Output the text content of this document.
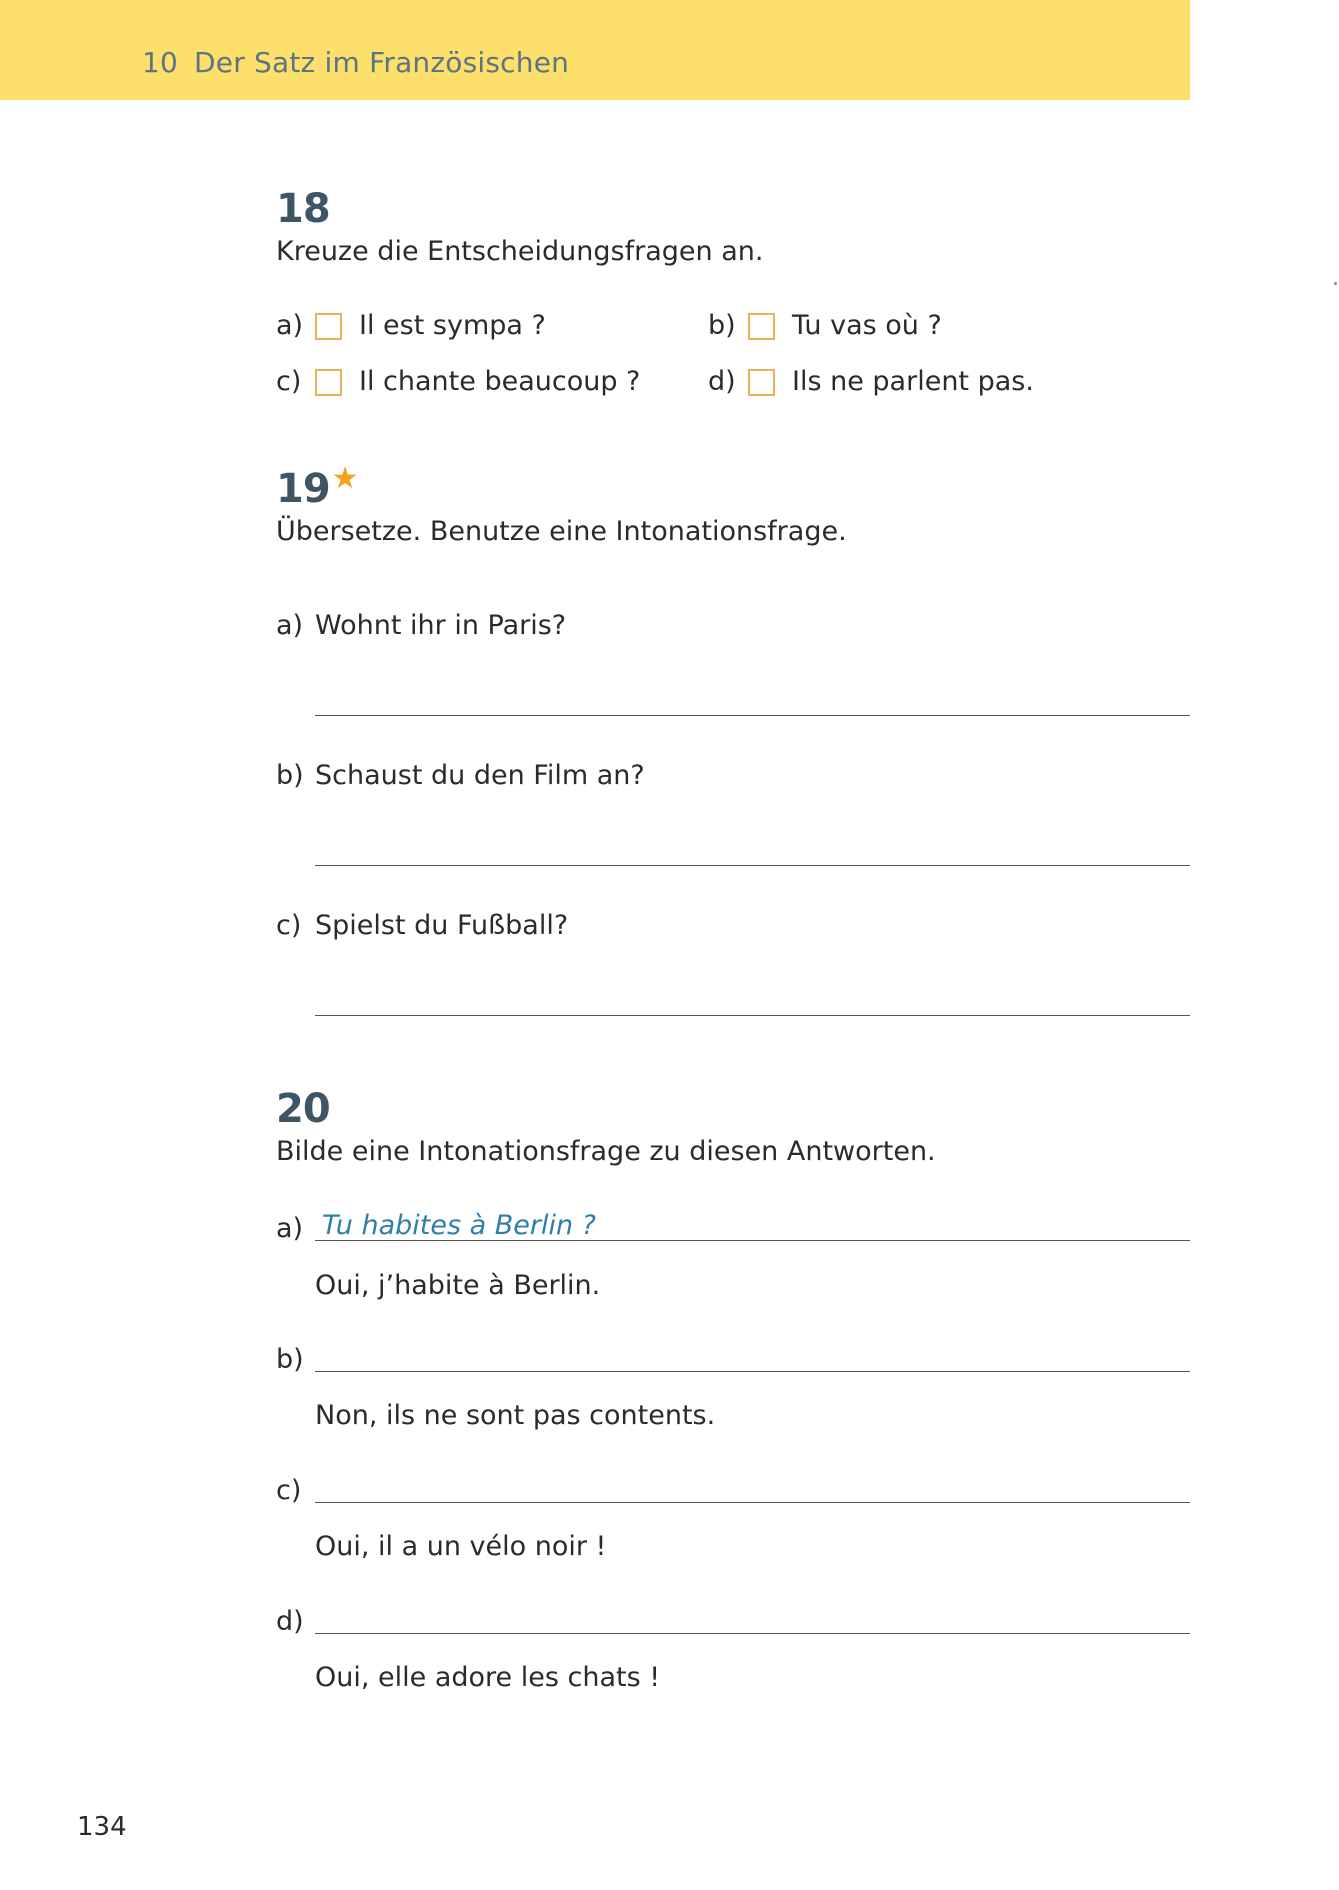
10 Der Satz im Französischen
18
Kreuze die Entscheidungsfragen an.
a)	Il est sympa ?	b)	Tu vas où ?
c)	Il chante beaucoup ?	d)	Ils ne parlent pas.
19★
Übersetze. Benutze eine Intonationsfrage.
a) Wohnt ihr in Paris?
b) Schaust du den Film an?
c) Spielst du Fußball?
20
Bilde eine Intonationsfrage zu diesen Antworten.
a) Tu habites à Berlin ?
Oui, j’habite à Berlin.
b)
Non, ils ne sont pas contents.
c)
Oui, il a un vélo noir !
d)
Oui, elle adore les chats !
134
